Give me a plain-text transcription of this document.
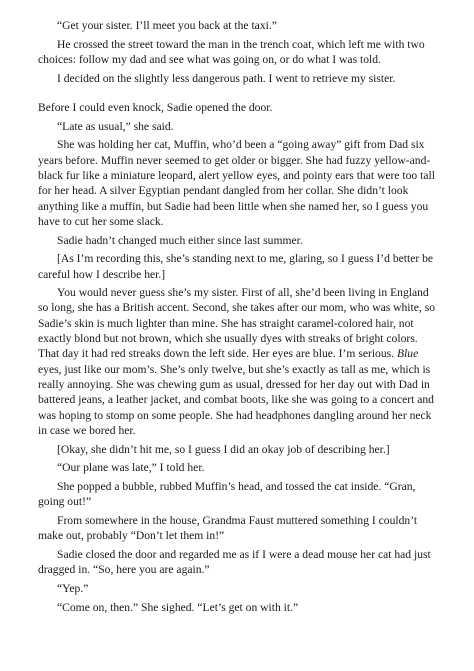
“Get your sister. I’ll meet you back at the taxi.”

He crossed the street toward the man in the trench coat, which left me with two choices: follow my dad and see what was going on, or do what I was told.

I decided on the slightly less dangerous path. I went to retrieve my sister.

Before I could even knock, Sadie opened the door.

“Late as usual,” she said.

She was holding her cat, Muffin, who’d been a “going away” gift from Dad six years before. Muffin never seemed to get older or bigger. She had fuzzy yellow-and-black fur like a miniature leopard, alert yellow eyes, and pointy ears that were too tall for her head. A silver Egyptian pendant dangled from her collar. She didn’t look anything like a muffin, but Sadie had been little when she named her, so I guess you have to cut her some slack.

Sadie hadn’t changed much either since last summer.

[As I’m recording this, she’s standing next to me, glaring, so I guess I’d better be careful how I describe her.]

You would never guess she’s my sister. First of all, she’d been living in England so long, she has a British accent. Second, she takes after our mom, who was white, so Sadie’s skin is much lighter than mine. She has straight caramel-colored hair, not exactly blond but not brown, which she usually dyes with streaks of bright colors. That day it had red streaks down the left side. Her eyes are blue. I’m serious. Blue eyes, just like our mom’s. She’s only twelve, but she’s exactly as tall as me, which is really annoying. She was chewing gum as usual, dressed for her day out with Dad in battered jeans, a leather jacket, and combat boots, like she was going to a concert and was hoping to stomp on some people. She had headphones dangling around her neck in case we bored her.

[Okay, she didn’t hit me, so I guess I did an okay job of describing her.]

“Our plane was late,” I told her.

She popped a bubble, rubbed Muffin’s head, and tossed the cat inside. “Gran, going out!”

From somewhere in the house, Grandma Faust muttered something I couldn’t make out, probably “Don’t let them in!”

Sadie closed the door and regarded me as if I were a dead mouse her cat had just dragged in. “So, here you are again.”

“Yep.”

“Come on, then.” She sighed. “Let’s get on with it.”
